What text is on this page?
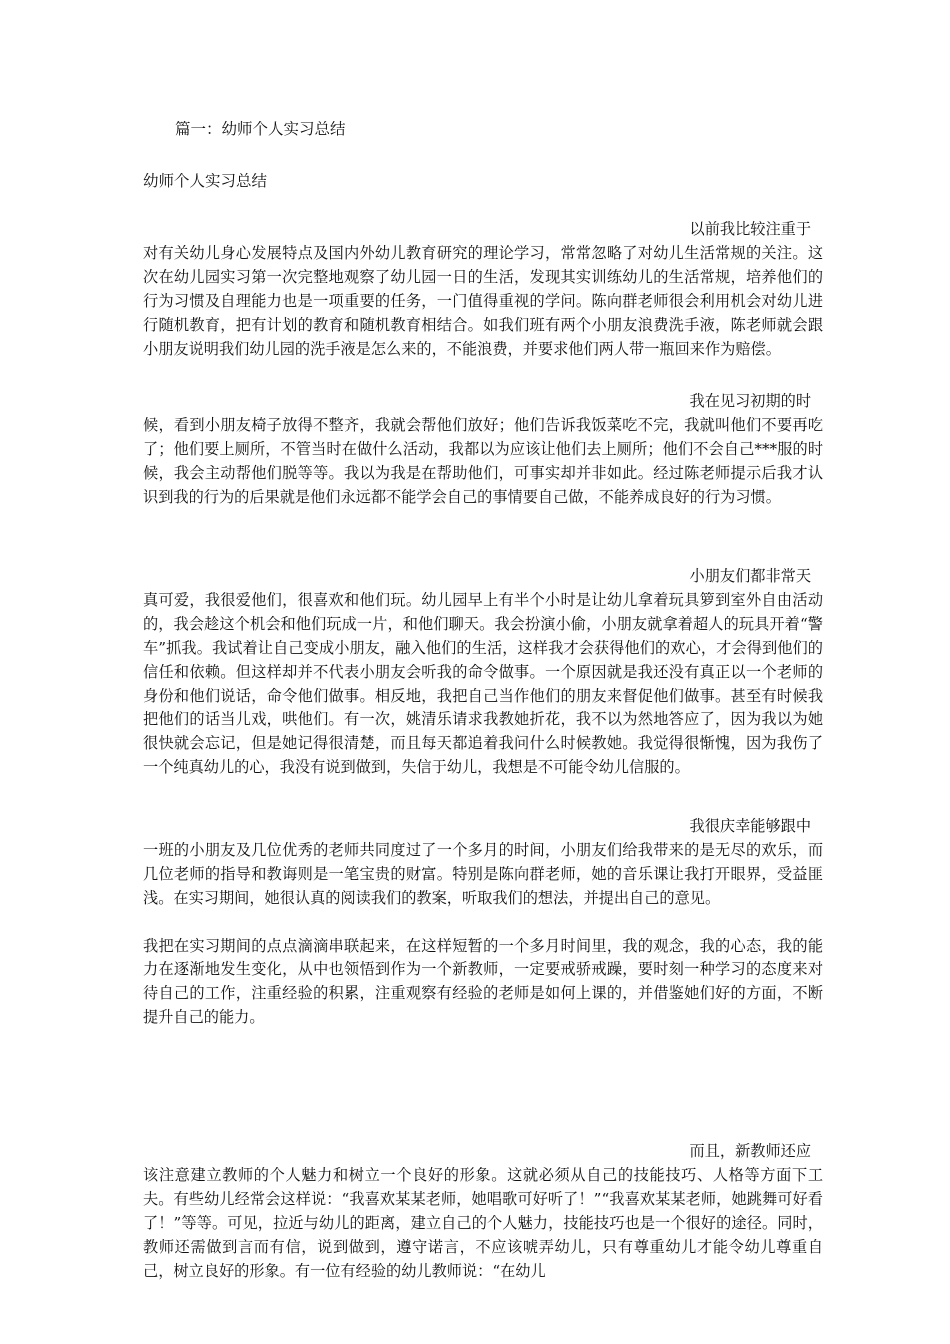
篇一：幼师个人实习总结
幼师个人实习总结
以前我比较注重于
对有关幼儿身心发展特点及国内外幼儿教育研究的理论学习，常常忽略了对幼儿生活常规的关注。这次在幼儿园实习第一次完整地观察了幼儿园一日的生活，发现其实训练幼儿的生活常规，培养他们的行为习惯及自理能力也是一项重要的任务，一门值得重视的学问。陈向群老师很会利用机会对幼儿进行随机教育，把有计划的教育和随机教育相结合。如我们班有两个小朋友浪费洗手液，陈老师就会跟小朋友说明我们幼儿园的洗手液是怎么来的，不能浪费，并要求他们两人带一瓶回来作为赔偿。
我在见习初期的时
候，看到小朋友椅子放得不整齐，我就会帮他们放好；他们告诉我饭菜吃不完，我就叫他们不要再吃了；他们要上厕所，不管当时在做什么活动，我都以为应该让他们去上厕所；他们不会自己***服的时候，我会主动帮他们脱等等。我以为我是在帮助他们，可事实却并非如此。经过陈老师提示后我才认识到我的行为的后果就是他们永远都不能学会自己的事情要自己做，不能养成良好的行为习惯。
小朋友们都非常天
真可爱，我很爱他们，很喜欢和他们玩。幼儿园早上有半个小时是让幼儿拿着玩具箩到室外自由活动的，我会趁这个机会和他们玩成一片，和他们聊天。我会扮演小偷，小朋友就拿着超人的玩具开着“警车”抓我。我试着让自己变成小朋友，融入他们的生活，这样我才会获得他们的欢心，才会得到他们的信任和依赖。但这样却并不代表小朋友会听我的命令做事。一个原因就是我还没有真正以一个老师的身份和他们说话，命令他们做事。相反地，我把自己当作他们的朋友来督促他们做事。甚至有时候我把他们的话当儿戏，哄他们。有一次，姚清乐请求我教她折花，我不以为然地答应了，因为我以为她很快就会忘记，但是她记得很清楚，而且每天都追着我问什么时候教她。我觉得很惭愧，因为我伤了一个纯真幼儿的心，我没有说到做到，失信于幼儿，我想是不可能令幼儿信服的。
我很庆幸能够跟中
一班的小朋友及几位优秀的老师共同度过了一个多月的时间，小朋友们给我带来的是无尽的欢乐，而几位老师的指导和教诲则是一笔宝贵的财富。特别是陈向群老师，她的音乐课让我打开眼界，受益匪浅。在实习期间，她很认真的阅读我们的教案，听取我们的想法，并提出自己的意见。
我把在实习期间的点点滴滴串联起来，在这样短暂的一个多月时间里，我的观念，我的心态，我的能力在逐渐地发生变化，从中也领悟到作为一个新教师，一定要戒骄戒躁，要时刻一种学习的态度来对待自己的工作，注重经验的积累，注重观察有经验的老师是如何上课的，并借鉴她们好的方面，不断提升自己的能力。
而且，新教师还应
该注意建立教师的个人魅力和树立一个良好的形象。这就必须从自己的技能技巧、人格等方面下工夫。有些幼儿经常会这样说：“我喜欢某某老师，她唱歌可好听了！”“我喜欢某某老师，她跳舞可好看了！”等等。可见，拉近与幼儿的距离，建立自己的个人魅力，技能技巧也是一个很好的途径。同时，教师还需做到言而有信，说到做到，遵守诺言，不应该唬弄幼儿，只有尊重幼儿才能令幼儿尊重自己，树立良好的形象。有一位有经验的幼儿教师说：“在幼儿
